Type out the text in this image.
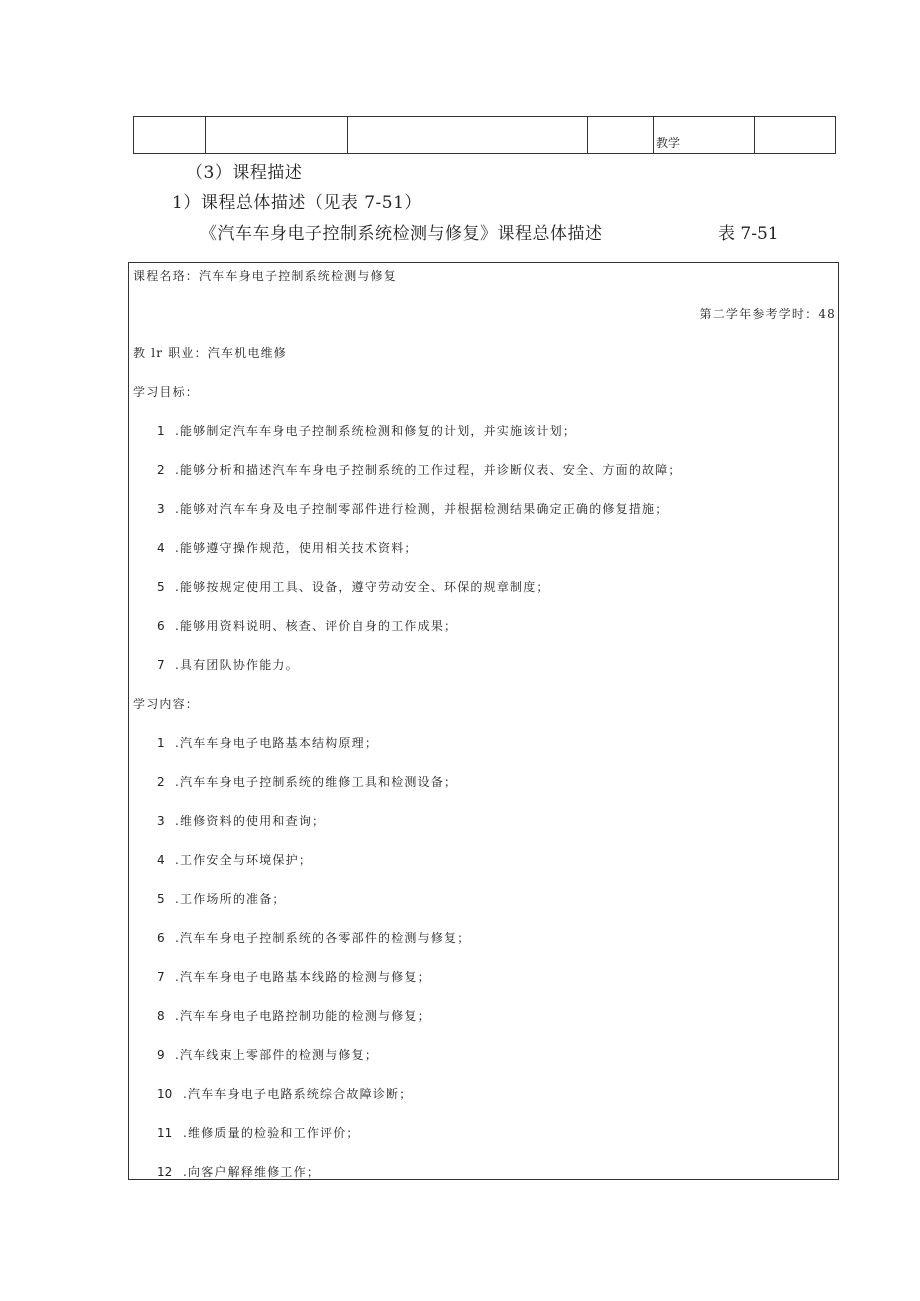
				教学	
（3）课程描述
1）课程总体描述（见表 7-51）
《汽车车身电子控制系统检测与修复》课程总体描述	表 7-51
课程名珞：汽车车身电子控制系统检测与修复
第二学年参考学时：48
教 lr 职业：汽车机电维修
学习目标：
1 .能够制定汽车车身电子控制系统检测和修复的计划，并实施该计划；
2 .能够分析和描述汽车车身电子控制系统的工作过程，并诊断仪表、安全、方面的故障；
3 .能够对汽车车身及电子控制零部件进行检测，并根据检测结果确定正确的修复措施；
4 .能够遵守操作规范，使用相关技术资料；
5 .能够按规定使用工具、设备，遵守劳动安全、环保的规章制度；
6 .能够用资料说明、核查、评价自身的工作成果；
7 .具有团队协作能力。
学习内容：
1 .汽车车身电子电路基本结构原理；
2 .汽车车身电子控制系统的维修工具和检测设备；
3 .维修资料的使用和查询；
4 .工作安全与环境保护；
5 .工作场所的准备；
6 .汽车车身电子控制系统的各零部件的检测与修复；
7 .汽车车身电子电路基本线路的检测与修复；
8 .汽车车身电子电路控制功能的检测与修复；
9 .汽车线束上零部件的检测与修复；
10 .汽车车身电子电路系统综合故障诊断；
11 .维修质量的检验和工作评价；
12 .向客户解释维修工作；
